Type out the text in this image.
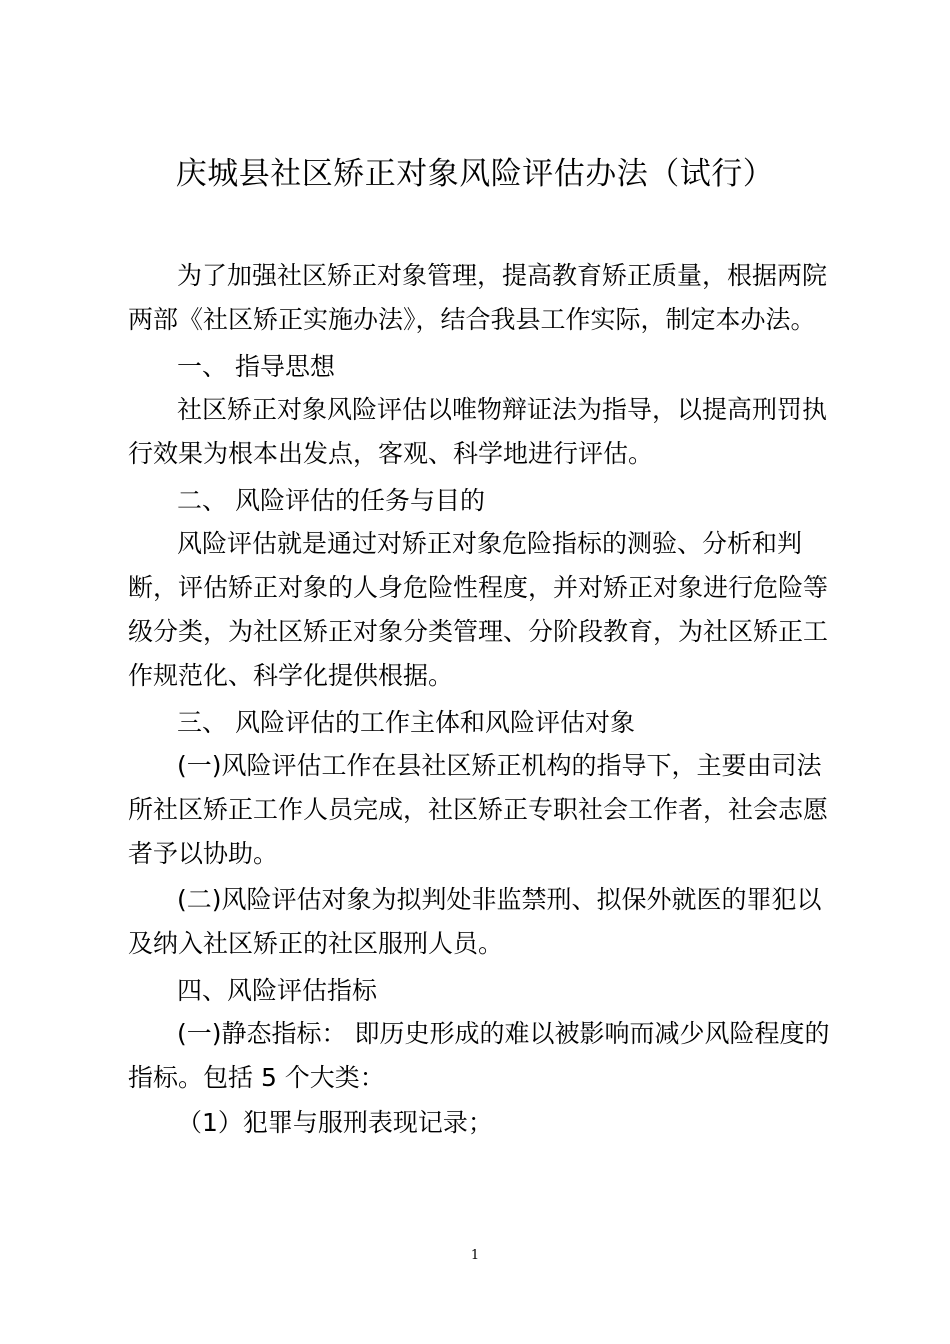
庆城县社区矫正对象风险评估办法（试行）
为了加强社区矫正对象管理，提高教育矫正质量，根据两院
两部《社区矫正实施办法》，结合我县工作实际，制定本办法。
一、 指导思想
社区矫正对象风险评估以唯物辩证法为指导，以提高刑罚执
行效果为根本出发点，客观、科学地进行评估。
二、 风险评估的任务与目的
风险评估就是通过对矫正对象危险指标的测验、分析和判
断，评估矫正对象的人身危险性程度，并对矫正对象进行危险等
级分类，为社区矫正对象分类管理、分阶段教育，为社区矫正工
作规范化、科学化提供根据。
三、 风险评估的工作主体和风险评估对象
(一)风险评估工作在县社区矫正机构的指导下，主要由司法
所社区矫正工作人员完成，社区矫正专职社会工作者，社会志愿
者予以协助。
(二)风险评估对象为拟判处非监禁刑、拟保外就医的罪犯以
及纳入社区矫正的社区服刑人员。
四、风险评估指标
(一)静态指标： 即历史形成的难以被影响而减少风险程度的
指标。包括 5 个大类：
（1）犯罪与服刑表现记录；
1
